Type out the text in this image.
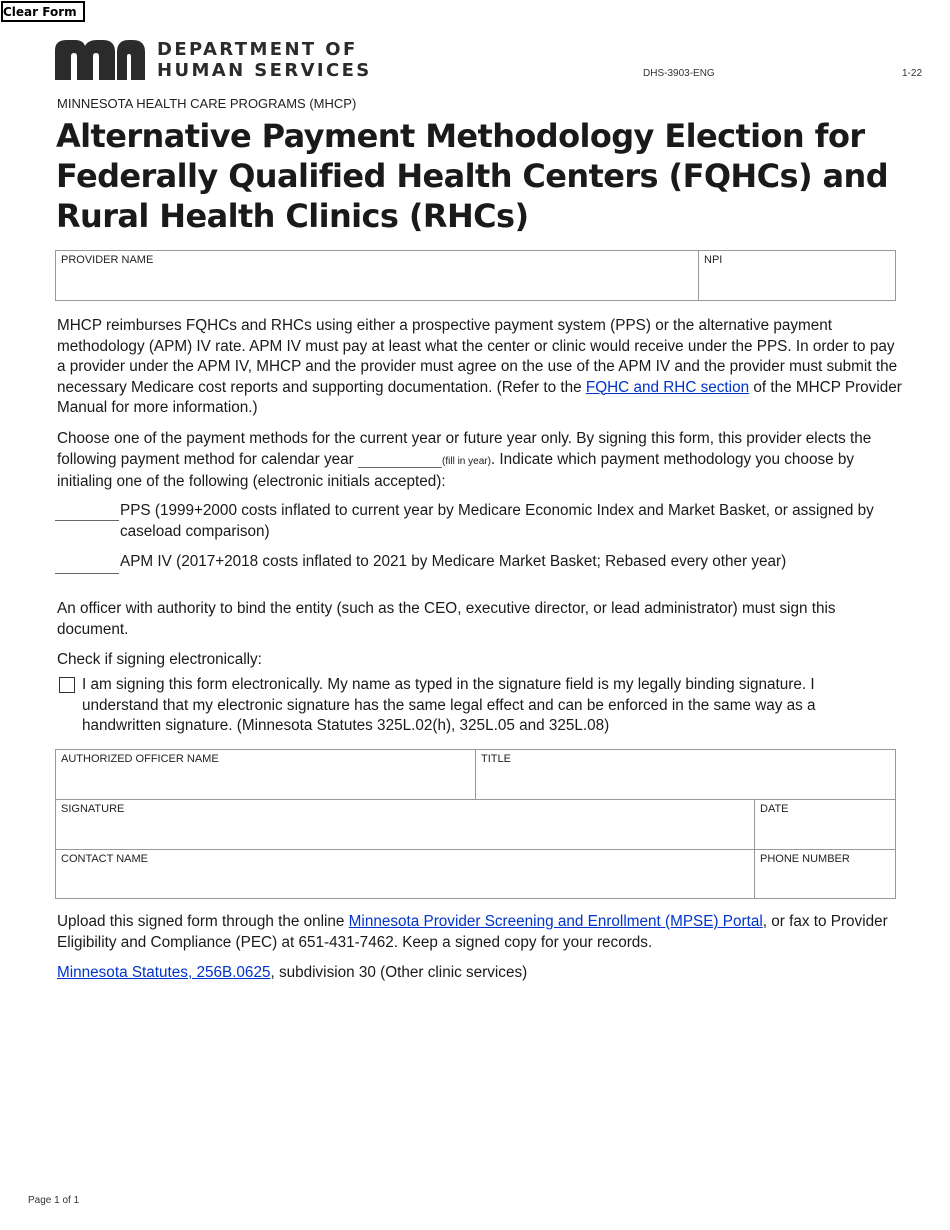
Clear Form
DEPARTMENT OF
HUMAN SERVICES	DHS-3903-ENG	1-22
MINNESOTA HEALTH CARE PROGRAMS (MHCP)
Alternative Payment Methodology Election for Federally Qualified Health Centers (FQHCs) and Rural Health Clinics (RHCs)
PROVIDER NAME	NPI

MHCP reimburses FQHCs and RHCs using either a prospective payment system (PPS) or the alternative payment methodology (APM) IV rate. APM IV must pay at least what the center or clinic would receive under the PPS. In order to pay a provider under the APM IV, MHCP and the provider must agree on the use of the APM IV and the provider must submit the necessary Medicare cost reports and supporting documentation. (Refer to the FQHC and RHC section of the MHCP Provider Manual for more information.)

Choose one of the payment methods for the current year or future year only. By signing this form, this provider elects the following payment method for calendar year	(fill in year). Indicate which payment methodology you choose by initialing one of the following (electronic initials accepted):

PPS (1999+2000 costs inflated to current year by Medicare Economic Index and Market Basket, or assigned by caseload comparison)
APM IV (2017+2018 costs inflated to 2021 by Medicare Market Basket; Rebased every other year)

An officer with authority to bind the entity (such as the CEO, executive director, or lead administrator) must sign this document.

Check if signing electronically:

I am signing this form electronically. My name as typed in the signature field is my legally binding signature. I understand that my electronic signature has the same legal effect and can be enforced in the same way as a handwritten signature. (Minnesota Statutes 325L.02(h), 325L.05 and 325L.08)
AUTHORIZED OFFICER NAME	TITLE	

SIGNATURE		DATE

CONTACT NAME		PHONE NUMBER

Upload this signed form through the online Minnesota Provider Screening and Enrollment (MPSE) Portal, or fax to Provider Eligibility and Compliance (PEC) at 651-431-7462. Keep a signed copy for your records.

Minnesota Statutes, 256B.0625, subdivision 30 (Other clinic services)

Page 1 of 1
